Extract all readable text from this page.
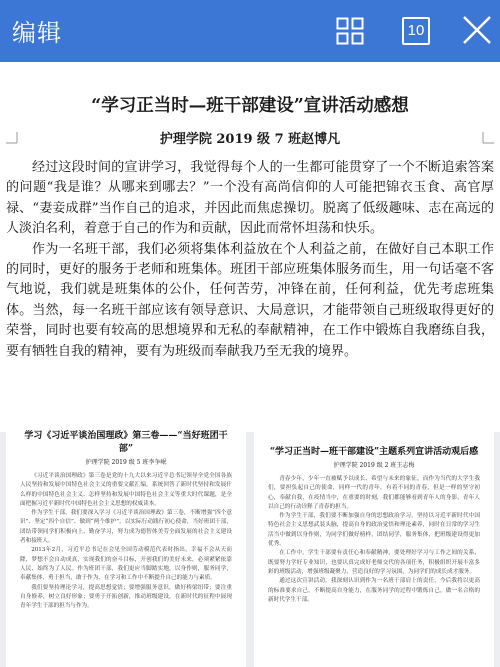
编辑	10
“学习正当时—班干部建设”宣讲活动感想
护理学院 2019 级 7 班赵博凡

经过这段时间的宣讲学习，我觉得每个人的一生都可能贯穿了一个不断追索答案的问题“我是谁？从哪来到哪去？”一个没有高尚信仰的人可能把锦衣玉食、高官厚禄、“妻妾成群”当作自己的追求，并因此而焦虑操切。脱离了低级趣味、志在高远的人淡泊名利，着意于自己的作为和贡献，因此而常怀坦荡和快乐。

作为一名班干部，我们必须将集体利益放在个人利益之前，在做好自己本职工作的同时，更好的服务于老师和班集体。班团干部应班集体服务而生，用一句话毫不客气地说，我们就是班集体的公仆，任何苦劳，冲锋在前，任何利益，优先考虑班集体。当然，每一名班干部应该有领导意识、大局意识，才能带领自己班级取得更好的荣誉，同时也要有较高的思想境界和无私的奉献精神，在工作中锻炼自我磨练自我，要有牺牲自我的精神，要有为班级而奉献我乃至无我的境界。

学习《习近平谈治国理政》第三卷——“当好班团干部”
护理学院 2019 级 5 班李争岷

《习近平谈治国理政》第三卷是党的十九大以来习近平总书记领导全党全国各族人民坚持和发展中国特色社会主义的重要文献汇编，系统回答了新时代坚持和发展什么样的中国特色社会主义、怎样坚持和发展中国特色社会主义等重大时代课题，是全面把握习近平新时代中国特色社会主义思想的权威读本。

作为学生干部，我们要深入学习《习近平谈治国理政》第三卷，不断增强“四个意识”、坚定“四个自信”、做到“两个维护”，以实际行动践行初心使命，当好班团干部，团结带领同学们积极向上、勤奋学习，努力成为德智体美劳全面发展的社会主义建设者和接班人。

2013年2月，习近平总书记在会见全国劳动模范代表时指出，幸福不会从天而降，梦想不会自动成真，实现我们的奋斗目标，开创我们的美好未来，必须紧紧依靠人民、始终为了人民。作为班团干部，我们更应当脚踏实地，以身作则，服务同学，奉献集体，勇于担当，敢于作为，在学习和工作中不断提升自己的能力与素质。

我们要坚持理论学习，提高思想觉悟；要增强服务意识，做好桥梁纽带；要注重自身修养，树立良好形象；要勇于开拓创新，推动班级建设，在新时代的征程中展现青年学生干部的担当与作为。

“学习正当时—班干部建设”主题系列宣讲活动观后感
护理学院 2019 级 2 班王志梅

青春少年，少年一直被赋予以成长、希望与未来的象征，而作为当代的大学生我们，要担负起自己的使命，同样一代的青年，有着不同的青春，但是一样的坚守初心，奉献自我，在疫情当中，在重要的时刻，我们都能够看到青年人的身影，青年人以自己的行动诠释了青春的担当。

作为学生干部，我们要不断加强自身的思想政治学习，坚持以习近平新时代中国特色社会主义思想武装头脑，提高自身的政治觉悟和理论素养，同时在日常的学习生活当中做到以身作则，为同学们做好榜样，团结同学，服务集体，把班级建设得更加优秀。

在工作中，学生干部要有责任心和奉献精神，要处理好学习与工作之间的关系，既要努力学好专业知识，也要认真完成好老师交代的各项任务，积极组织开展丰富多彩的班级活动，增强班级凝聚力，营造良好的学习氛围，为同学们的成长成才服务。

通过这次宣讲活动，我深刻认识到作为一名班干部肩上的责任，今后我将以更高的标准要求自己，不断提高自身能力，在服务同学的过程中锻炼自己，做一名合格的新时代学生干部。
